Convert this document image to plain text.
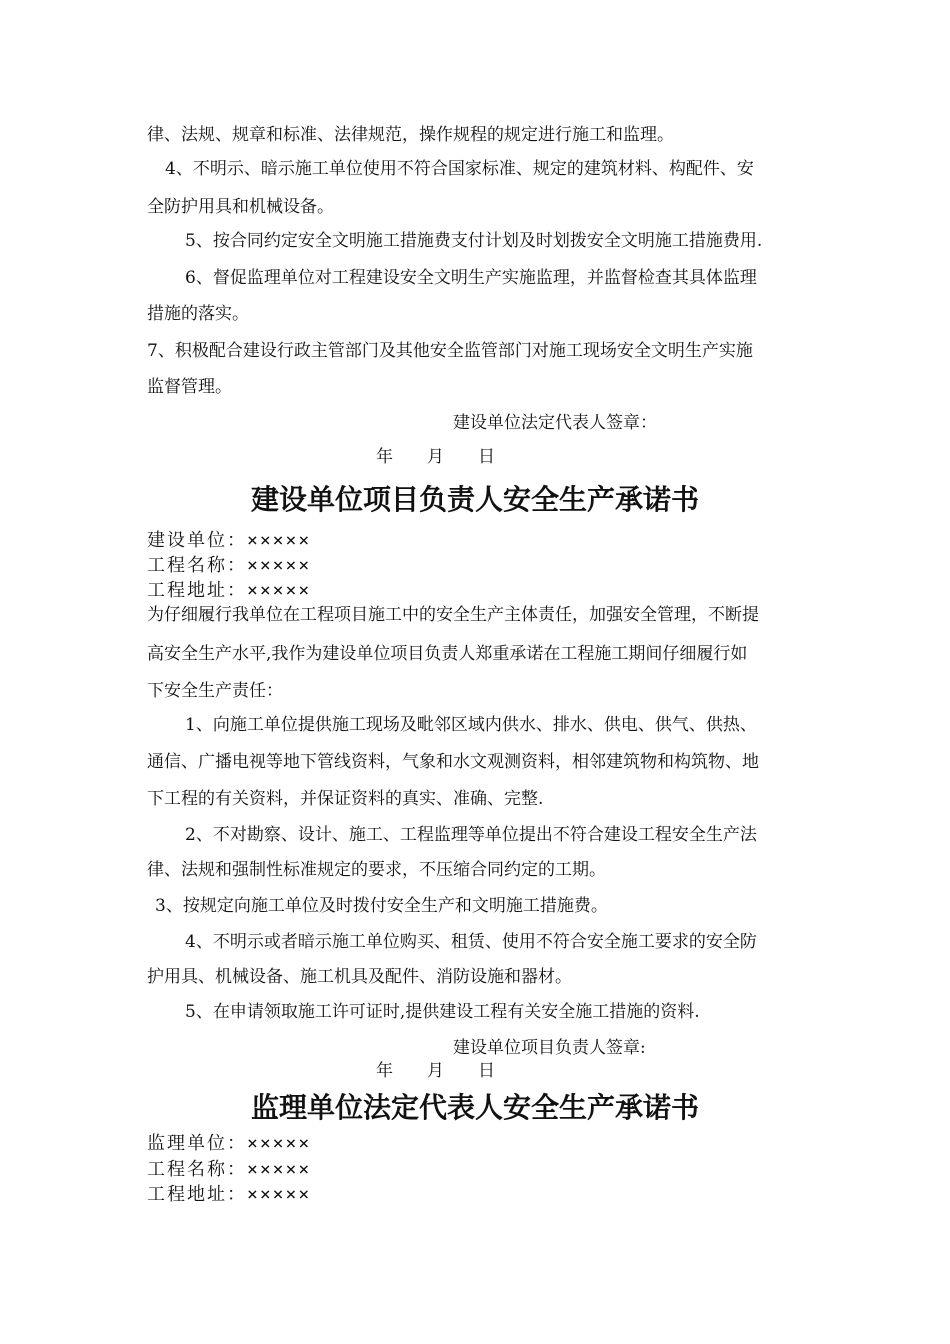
律、法规、规章和标准、法律规范，操作规程的规定进行施工和监理。
4、不明示、暗示施工单位使用不符合国家标准、规定的建筑材料、构配件、安
全防护用具和机械设备。
5、按合同约定安全文明施工措施费支付计划及时划拨安全文明施工措施费用.
6、督促监理单位对工程建设安全文明生产实施监理，并监督检查其具体监理
措施的落实。
7、积极配合建设行政主管部门及其他安全监管部门对施工现场安全文明生产实施
监督管理。
建设单位法定代表人签章：
年　　月　　日
建设单位项目负责人安全生产承诺书
建设单位：×××××
工程名称：×××××
工程地址：×××××
为仔细履行我单位在工程项目施工中的安全生产主体责任，加强安全管理，不断提
高安全生产水平,我作为建设单位项目负责人郑重承诺在工程施工期间仔细履行如
下安全生产责任：
1、向施工单位提供施工现场及毗邻区域内供水、排水、供电、供气、供热、
通信、广播电视等地下管线资料，气象和水文观测资料，相邻建筑物和构筑物、地
下工程的有关资料，并保证资料的真实、准确、完整.
2、不对勘察、设计、施工、工程监理等单位提出不符合建设工程安全生产法
律、法规和强制性标准规定的要求，不压缩合同约定的工期。
3、按规定向施工单位及时拨付安全生产和文明施工措施费。
4、不明示或者暗示施工单位购买、租赁、使用不符合安全施工要求的安全防
护用具、机械设备、施工机具及配件、消防设施和器材。
5、在申请领取施工许可证时,提供建设工程有关安全施工措施的资料.
建设单位项目负责人签章:
年　　月　　日
监理单位法定代表人安全生产承诺书
监理单位：×××××
工程名称：×××××
工程地址：×××××
